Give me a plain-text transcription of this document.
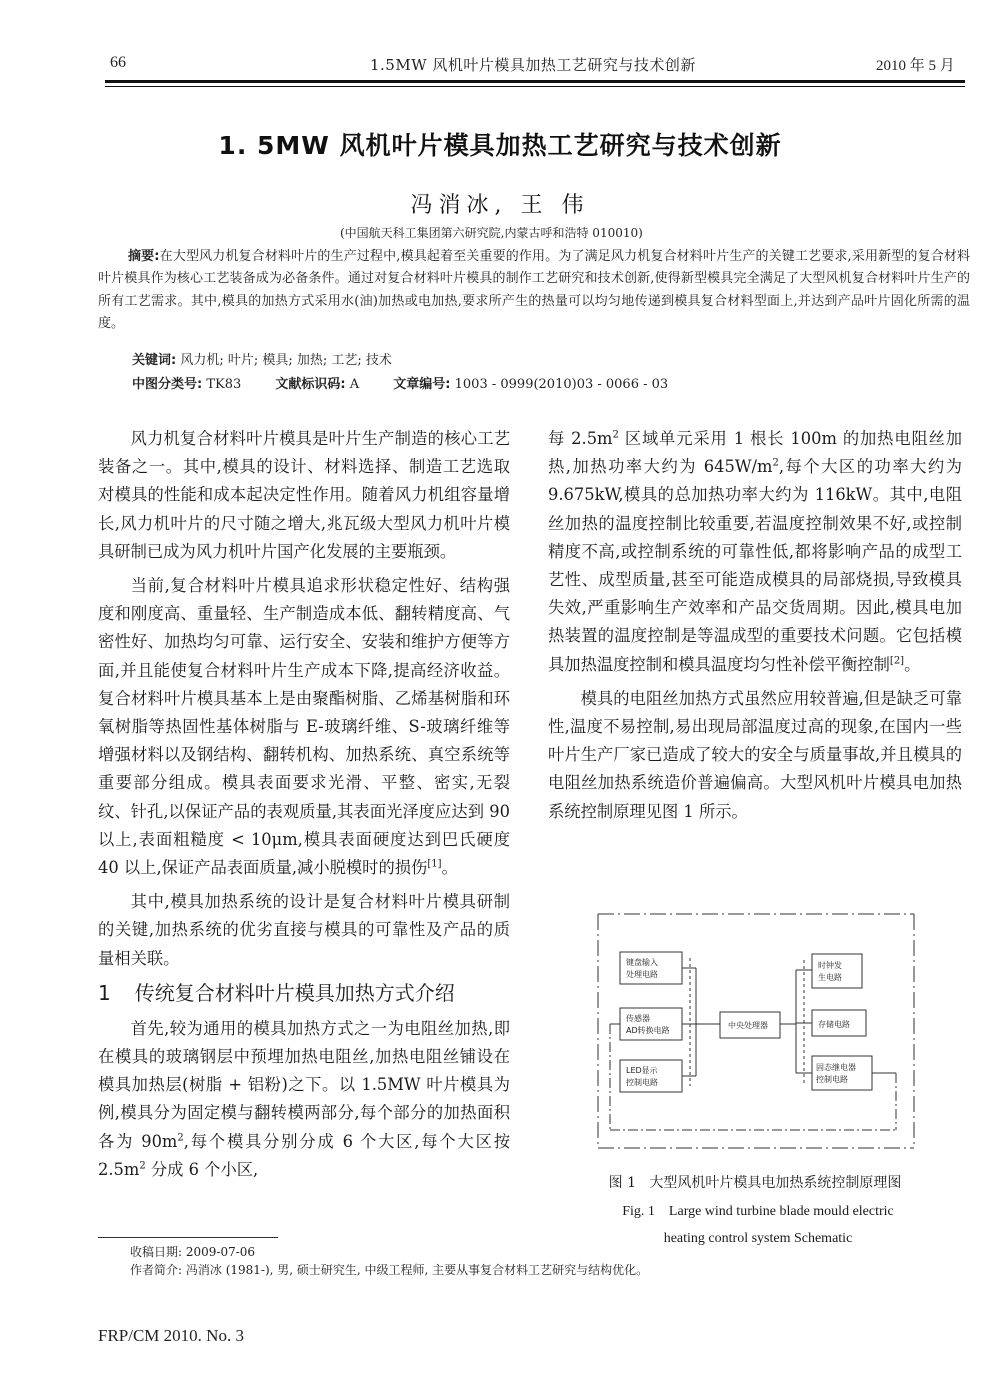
66	1.5MW 风机叶片模具加热工艺研究与技术创新	2010 年 5 月
1. 5MW 风机叶片模具加热工艺研究与技术创新
冯消冰, 王 伟
(中国航天科工集团第六研究院,内蒙古呼和浩特 010010)
摘要:在大型风力机复合材料叶片的生产过程中,模具起着至关重要的作用。为了满足风力机复合材料叶片生产的关键工艺要求,采用新型的复合材料叶片模具作为核心工艺装备成为必备条件。通过对复合材料叶片模具的制作工艺研究和技术创新,使得新型模具完全满足了大型风机复合材料叶片生产的所有工艺需求。其中,模具的加热方式采用水(油)加热或电加热,要求所产生的热量可以均匀地传递到模具复合材料型面上,并达到产品叶片固化所需的温度。
关键词: 风力机; 叶片; 模具; 加热; 工艺; 技术
中图分类号: TK83	文献标识码: A	文章编号: 1003 - 0999(2010)03 - 0066 - 03

风力机复合材料叶片模具是叶片生产制造的核心工艺装备之一。其中,模具的设计、材料选择、制造工艺选取对模具的性能和成本起决定性作用。随着风力机组容量增长,风力机叶片的尺寸随之增大,兆瓦级大型风力机叶片模具研制已成为风力机叶片国产化发展的主要瓶颈。

当前,复合材料叶片模具追求形状稳定性好、结构强度和刚度高、重量轻、生产制造成本低、翻转精度高、气密性好、加热均匀可靠、运行安全、安装和维护方便等方面,并且能使复合材料叶片生产成本下降,提高经济收益。复合材料叶片模具基本上是由聚酯树脂、乙烯基树脂和环氧树脂等热固性基体树脂与 E-玻璃纤维、S-玻璃纤维等增强材料以及钢结构、翻转机构、加热系统、真空系统等重要部分组成。模具表面要求光滑、平整、密实,无裂纹、针孔,以保证产品的表观质量,其表面光泽度应达到 90 以上,表面粗糙度 < 10μm,模具表面硬度达到巴氏硬度 40 以上,保证产品表面质量,减小脱模时的损伤[1]。

其中,模具加热系统的设计是复合材料叶片模具研制的关键,加热系统的优劣直接与模具的可靠性及产品的质量相关联。

1 传统复合材料叶片模具加热方式介绍

首先,较为通用的模具加热方式之一为电阻丝加热,即在模具的玻璃钢层中预埋加热电阻丝,加热电阻丝铺设在模具加热层(树脂 + 铝粉)之下。以 1.5MW 叶片模具为例,模具分为固定模与翻转模两部分,每个部分的加热面积各为 $90m^2$,每个模具分别分成 6 个大区,每个大区按 $2.5m^2$ 分成 6 个小区,

每 $2.5m^2$ 区域单元采用 1 根长 100m 的加热电阻丝加热,加热功率大约为 $645W/m^2$,每个大区的功率大约为 9.675kW,模具的总加热功率大约为 116kW。其中,电阻丝加热的温度控制比较重要,若温度控制效果不好,或控制精度不高,或控制系统的可靠性低,都将影响产品的成型工艺性、成型质量,甚至可能造成模具的局部烧损,导致模具失效,严重影响生产效率和产品交货周期。因此,模具电加热装置的温度控制是等温成型的重要技术问题。它包括模具加热温度控制和模具温度均匀性补偿平衡控制[2]。

模具的电阻丝加热方式虽然应用较普遍,但是缺乏可靠性,温度不易控制,易出现局部温度过高的现象,在国内一些叶片生产厂家已造成了较大的安全与质量事故,并且模具的电阻丝加热系统造价普遍偏高。大型风机叶片模具电加热系统控制原理见图 1 所示。

键盘输入
处理电路
传感器
AD转换电路
LED显示
控制电路
中央处理器
时钟发
生电路
存储电路
固态继电器
控制电路
图 1 大型风机叶片模具电加热系统控制原理图
Fig. 1 Large wind turbine blade mould electric
heating control system Schematic
收稿日期: 2009-07-06
作者简介: 冯消冰 (1981-), 男, 硕士研究生, 中级工程师, 主要从事复合材料工艺研究与结构优化。
FRP/CM 2010. No. 3
